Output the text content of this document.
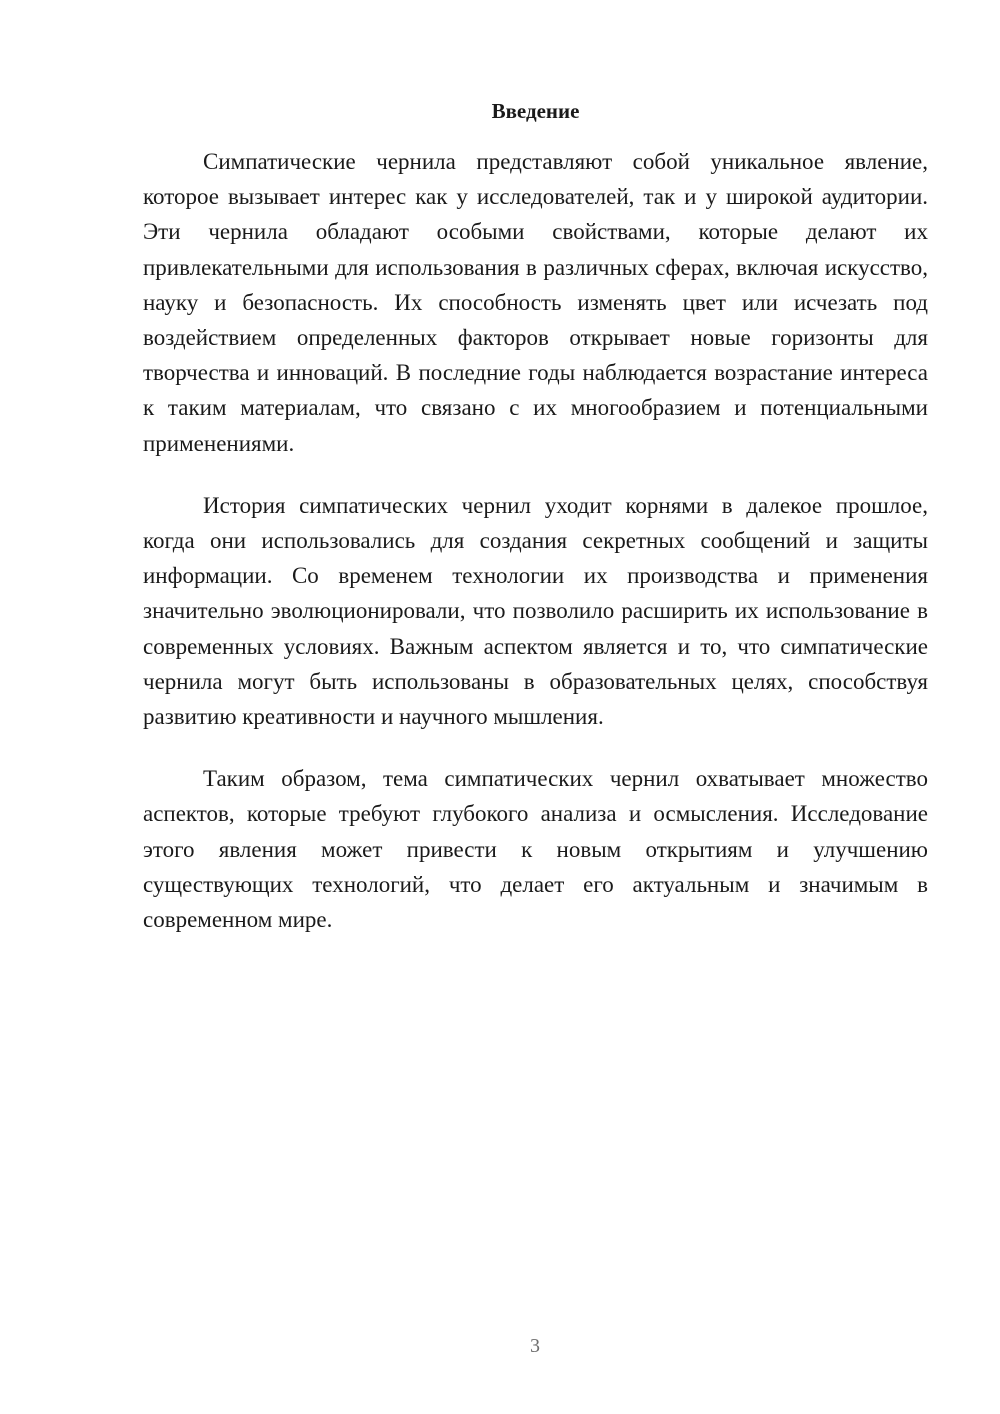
Введение

Симпатические чернила представляют собой уникальное явление, которое вызывает интерес как у исследователей, так и у широкой аудитории. Эти чернила обладают особыми свойствами, которые делают их привлекательными для использования в различных сферах, включая искусство, науку и безопасность. Их способность изменять цвет или исчезать под воздействием определенных факторов открывает новые горизонты для творчества и инноваций. В последние годы наблюдается возрастание интереса к таким материалам, что связано с их многообразием и потенциальными применениями.

История симпатических чернил уходит корнями в далекое прошлое, когда они использовались для создания секретных сообщений и защиты информации. Со временем технологии их производства и применения значительно эволюционировали, что позволило расширить их использование в современных условиях. Важным аспектом является и то, что симпатические чернила могут быть использованы в образовательных целях, способствуя развитию креативности и научного мышления.

Таким образом, тема симпатических чернил охватывает множество аспектов, которые требуют глубокого анализа и осмысления. Исследование этого явления может привести к новым открытиям и улучшению существующих технологий, что делает его актуальным и значимым в современном мире.

3
